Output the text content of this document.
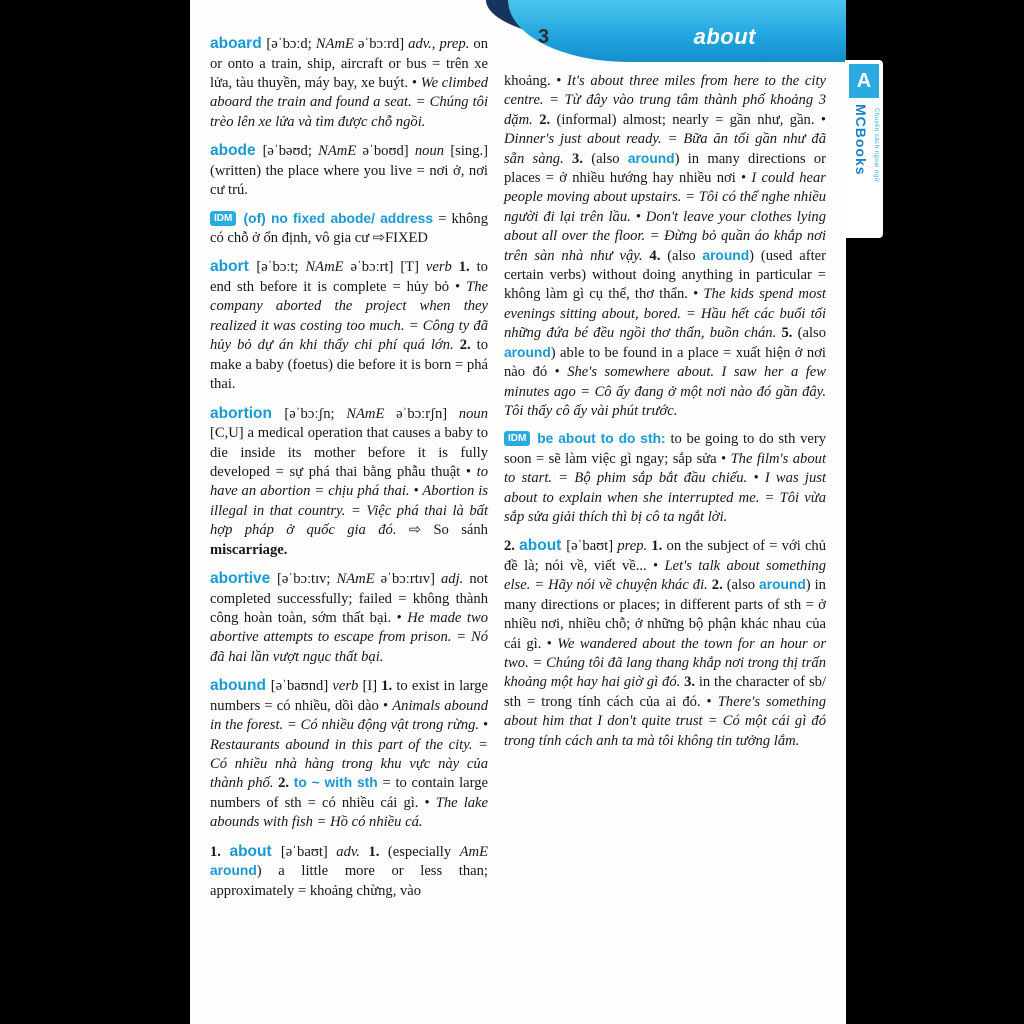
3	about

aboard [əˈbɔːd; NAmE əˈbɔːrd] adv., prep. on or onto a train, ship, aircraft or bus = trên xe lửa, tàu thuyền, máy bay, xe buýt. • We climbed aboard the train and found a seat. = Chúng tôi trèo lên xe lửa và tìm được chỗ ngồi.

abode [əˈbəʊd; NAmE əˈboʊd] noun [sing.] (written) the place where you live = nơi ở, nơi cư trú.

IDM (of) no fixed abode/ address = không có chỗ ở ổn định, vô gia cư ⇨FIXED

abort [əˈbɔːt; NAmE əˈbɔːrt] [T] verb 1. to end sth before it is complete = hủy bỏ • The company aborted the project when they realized it was costing too much. = Công ty đã hủy bỏ dự án khi thấy chi phí quá lớn. 2. to make a baby (foetus) die before it is born = phá thai.

abortion [əˈbɔːʃn; NAmE əˈbɔːrʃn] noun [C,U] a medical operation that causes a baby to die inside its mother before it is fully developed = sự phá thai bằng phẫu thuật • to have an abortion = chịu phá thai. • Abortion is illegal in that country. = Việc phá thai là bất hợp pháp ở quốc gia đó. ⇨ So sánh miscarriage.

abortive [əˈbɔːtɪv; NAmE əˈbɔːrtɪv] adj. not completed successfully; failed = không thành công hoàn toàn, sớm thất bại. • He made two abortive attempts to escape from prison. = Nó đã hai lần vượt ngục thất bại.

abound [əˈbaʊnd] verb [I] 1. to exist in large numbers = có nhiều, dồi dào • Animals abound in the forest. = Có nhiều động vật trong rừng. • Restaurants abound in this part of the city. = Có nhiều nhà hàng trong khu vực này của thành phố. 2. to ~ with sth = to contain large numbers of sth = có nhiều cái gì. • The lake abounds with fish = Hồ có nhiều cá.

1. about [əˈbaʊt] adv. 1. (especially AmE around) a little more or less than; approximately = khoảng chừng, vào

khoảng. • It's about three miles from here to the city centre. = Từ đây vào trung tâm thành phố khoảng 3 dặm. 2. (informal) almost; nearly = gần như, gần. • Dinner's just about ready. = Bữa ăn tối gần như đã sẵn sàng. 3. (also around) in many directions or places = ở nhiều hướng hay nhiều nơi • I could hear people moving about upstairs. = Tôi có thể nghe nhiều người đi lại trên lầu. • Don't leave your clothes lying about all over the floor. = Đừng bỏ quần áo khắp nơi trên sàn nhà như vậy. 4. (also around) (used after certain verbs) without doing anything in particular = không làm gì cụ thể, thơ thẩn. • The kids spend most evenings sitting about, bored. = Hầu hết các buổi tối những đứa bé đều ngồi thơ thẩn, buồn chán. 5. (also around) able to be found in a place = xuất hiện ở nơi nào đó • She's somewhere about. I saw her a few minutes ago = Cô ấy đang ở một nơi nào đó gần đây. Tôi thấy cô ấy vài phút trước.

IDM be about to do sth: to be going to do sth very soon = sẽ làm việc gì ngay; sắp sửa • The film's about to start. = Bộ phim sắp bắt đầu chiếu. • I was just about to explain when she interrupted me. = Tôi vừa sắp sửa giải thích thì bị cô ta ngắt lời.

2. about [əˈbaʊt] prep. 1. on the subject of = với chủ đề là; nói về, viết về... • Let's talk about something else. = Hãy nói về chuyện khác đi. 2. (also around) in many directions or places; in different parts of sth = ở nhiều nơi, nhiều chỗ; ở những bộ phận khác nhau của cái gì. • We wandered about the town for an hour or two. = Chúng tôi đã lang thang khắp nơi trong thị trấn khoảng một hay hai giờ gì đó. 3. in the character of sb/ sth = trong tính cách của ai đó. • There's something about him that I don't quite trust = Có một cái gì đó trong tính cách anh ta mà tôi không tin tưởng lắm.

A
MCBooks Chuyên sách ngoại ngữ
